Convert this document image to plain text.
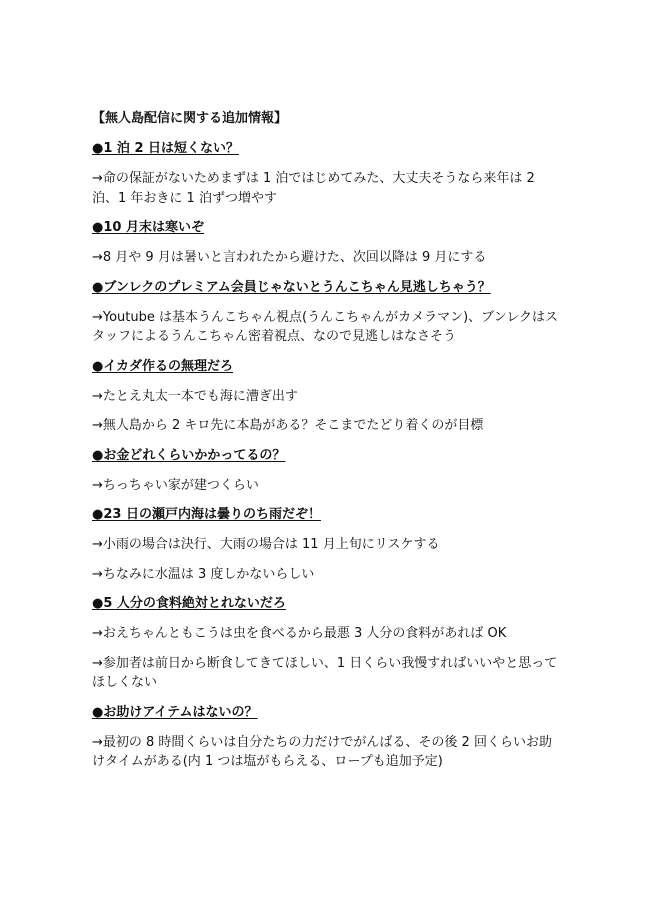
【無人島配信に関する追加情報】
●1 泊 2 日は短くない？
→命の保証がないためまずは 1 泊ではじめてみた、大丈夫そうなら来年は 2 泊、1 年おきに 1 泊ずつ増やす
●10 月末は寒いぞ
→8 月や 9 月は暑いと言われたから避けた、次回以降は 9 月にする
●ブンレクのプレミアム会員じゃないとうんこちゃん見逃しちゃう？
→Youtube は基本うんこちゃん視点(うんこちゃんがカメラマン)、ブンレクはスタッフによるうんこちゃん密着視点、なので見逃しはなさそう
●イカダ作るの無理だろ
→たとえ丸太一本でも海に漕ぎ出す
→無人島から 2 キロ先に本島がある？そこまでたどり着くのが目標
●お金どれくらいかかってるの？
→ちっちゃい家が建つくらい
●23 日の瀬戸内海は曇りのち雨だぞ！
→小雨の場合は決行、大雨の場合は 11 月上旬にリスケする
→ちなみに水温は 3 度しかないらしい
●5 人分の食料絶対とれないだろ
→おえちゃんともこうは虫を食べるから最悪 3 人分の食料があれば OK
→参加者は前日から断食してきてほしい、1 日くらい我慢すればいいやと思ってほしくない
●お助けアイテムはないの？
→最初の 8 時間くらいは自分たちの力だけでがんばる、その後 2 回くらいお助けタイムがある(内 1 つは塩がもらえる、ロープも追加予定)
